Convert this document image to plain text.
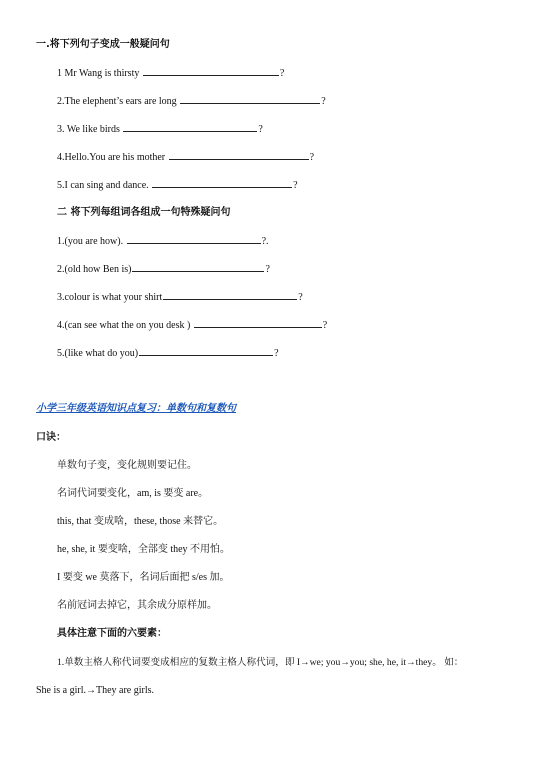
一.将下列句子变成一般疑问句
1 Mr Wang is thirsty	?
2.The elephent’s ears are long	?
3. We like birds	?
4.Hello.You are his mother	?
5.I can sing and dance.	?
二 将下列每组词各组成一句特殊疑问句
1.(you are how).	?.
2.(old how Ben is)	?
3.colour is what your shirt	?
4.(can see what the on you desk )	?
5.(like what do you)	?
小学三年级英语知识点复习：单数句和复数句
口诀：
单数句子变，变化规则要记住。
名词代词要变化，am, is 要变 are。
this, that 变成啥，these, those 来替它。
he, she, it 要变啥，全部变 they 不用怕。
I 要变 we 莫落下，名词后面把 s/es 加。
名前冠词去掉它，其余成分原样加。
具体注意下面的六要素：
1.单数主格人称代词要变成相应的复数主格人称代词，即 I→we; you→you; she, he, it→they。 如：
She is a girl.→They are girls.
